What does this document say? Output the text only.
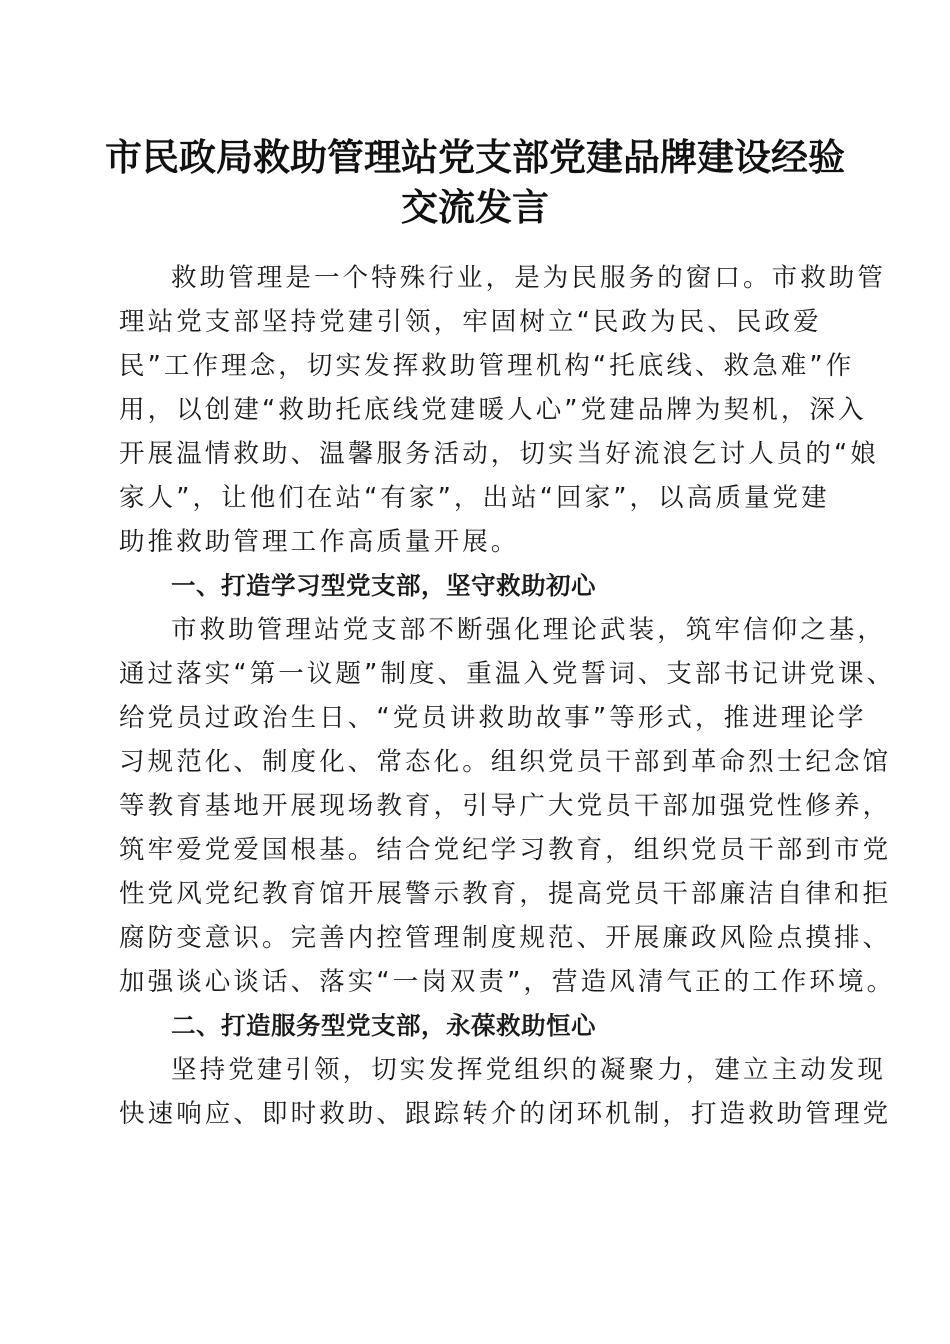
市民政局救助管理站党支部党建品牌建设经验
交流发言
救助管理是一个特殊行业，是为民服务的窗口。市救助管
理站党支部坚持党建引领，牢固树立“民政为民、民政爱
民”工作理念，切实发挥救助管理机构“托底线、救急难”作
用，以创建“救助托底线党建暖人心”党建品牌为契机，深入
开展温情救助、温馨服务活动，切实当好流浪乞讨人员的“娘
家人”，让他们在站“有家”，出站“回家”，以高质量党建
助推救助管理工作高质量开展。
一、打造学习型党支部，坚守救助初心
市救助管理站党支部不断强化理论武装，筑牢信仰之基，
通过落实“第一议题”制度、重温入党誓词、支部书记讲党课、
给党员过政治生日、“党员讲救助故事”等形式，推进理论学
习规范化、制度化、常态化。组织党员干部到革命烈士纪念馆
等教育基地开展现场教育，引导广大党员干部加强党性修养，
筑牢爱党爱国根基。结合党纪学习教育，组织党员干部到市党
性党风党纪教育馆开展警示教育，提高党员干部廉洁自律和拒
腐防变意识。完善内控管理制度规范、开展廉政风险点摸排、
加强谈心谈话、落实“一岗双责”，营造风清气正的工作环境。
二、打造服务型党支部，永葆救助恒心
坚持党建引领，切实发挥党组织的凝聚力，建立主动发现
快速响应、即时救助、跟踪转介的闭环机制，打造救助管理党
